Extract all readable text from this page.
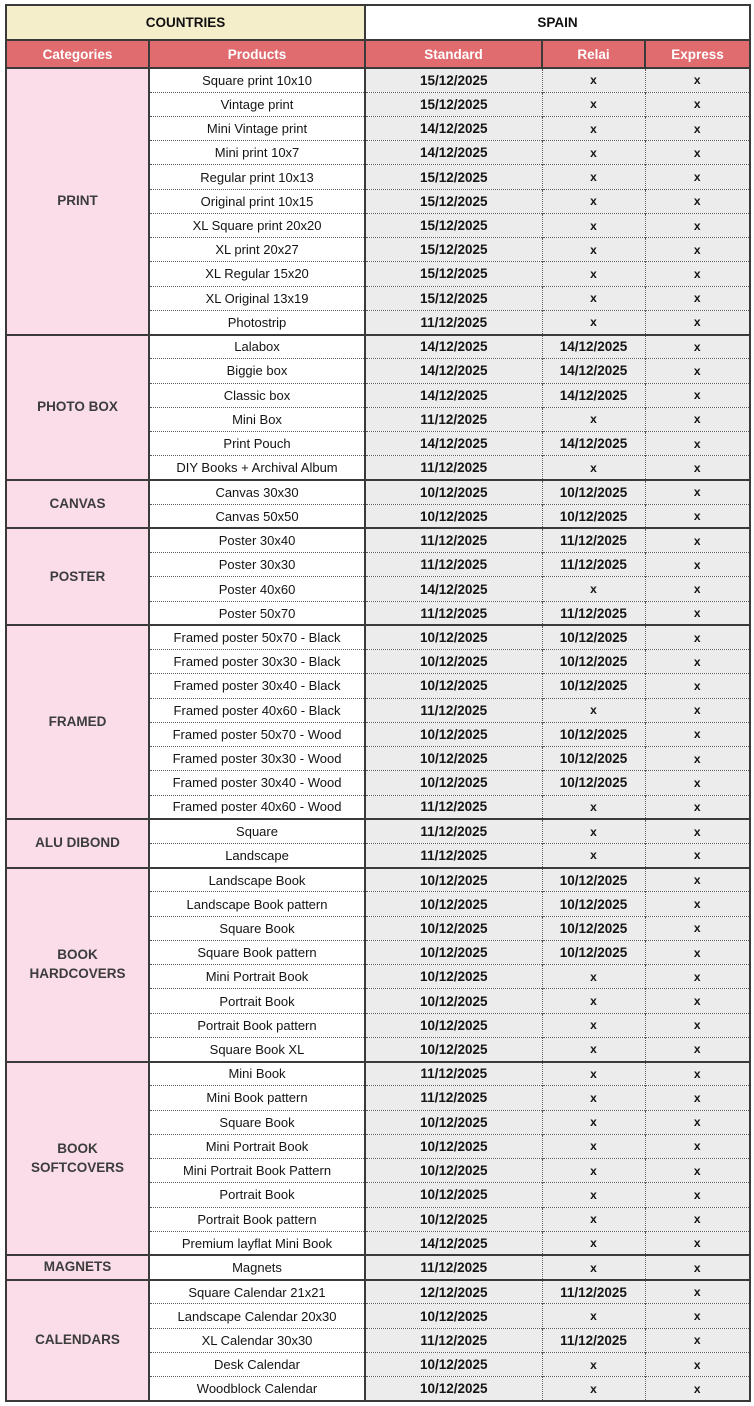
COUNTRIES		SPAIN		
Categories	Products	Standard	Relai	Express
PRINT	Square print 10x10	15/12/2025	x	x
	Vintage print	15/12/2025	x	x
	Mini Vintage print	14/12/2025	x	x
	Mini print 10x7	14/12/2025	x	x
	Regular print 10x13	15/12/2025	x	x
	Original print 10x15	15/12/2025	x	x
	XL Square print 20x20	15/12/2025	x	x
	XL print 20x27	15/12/2025	x	x
	XL Regular 15x20	15/12/2025	x	x
	XL Original 13x19	15/12/2025	x	x
	Photostrip	11/12/2025	x	x
PHOTO BOX	Lalabox	14/12/2025	14/12/2025	x
	Biggie box	14/12/2025	14/12/2025	x
	Classic box	14/12/2025	14/12/2025	x
	Mini Box	11/12/2025	x	x
	Print Pouch	14/12/2025	14/12/2025	x
	DIY Books + Archival Album	11/12/2025	x	x
CANVAS	Canvas 30x30	10/12/2025	10/12/2025	x
	Canvas 50x50	10/12/2025	10/12/2025	x
POSTER	Poster 30x40	11/12/2025	11/12/2025	x
	Poster 30x30	11/12/2025	11/12/2025	x
	Poster 40x60	14/12/2025	x	x
	Poster 50x70	11/12/2025	11/12/2025	x
FRAMED	Framed poster 50x70 - Black	10/12/2025	10/12/2025	x
	Framed poster 30x30 - Black	10/12/2025	10/12/2025	x
	Framed poster 30x40 - Black	10/12/2025	10/12/2025	x
	Framed poster 40x60 - Black	11/12/2025	x	x
	Framed poster 50x70 - Wood	10/12/2025	10/12/2025	x
	Framed poster 30x30 - Wood	10/12/2025	10/12/2025	x
	Framed poster 30x40 - Wood	10/12/2025	10/12/2025	x
	Framed poster 40x60 - Wood	11/12/2025	x	x
ALU DIBOND	Square	11/12/2025	x	x
	Landscape	11/12/2025	x	x
BOOK HARDCOVERS	Landscape Book	10/12/2025	10/12/2025	x
	Landscape Book pattern	10/12/2025	10/12/2025	x
	Square Book	10/12/2025	10/12/2025	x
	Square Book pattern	10/12/2025	10/12/2025	x
	Mini Portrait Book	10/12/2025	x	x
	Portrait Book	10/12/2025	x	x
	Portrait Book pattern	10/12/2025	x	x
	Square Book XL	10/12/2025	x	x
BOOK SOFTCOVERS	Mini Book	11/12/2025	x	x
	Mini Book pattern	11/12/2025	x	x
	Square Book	10/12/2025	x	x
	Mini Portrait Book	10/12/2025	x	x
	Mini Portrait Book Pattern	10/12/2025	x	x
	Portrait Book	10/12/2025	x	x
	Portrait Book pattern	10/12/2025	x	x
	Premium layflat Mini Book	14/12/2025	x	x
MAGNETS	Magnets	11/12/2025	x	x
CALENDARS	Square Calendar 21x21	12/12/2025	11/12/2025	x
	Landscape Calendar 20x30	10/12/2025	x	x
	XL Calendar 30x30	11/12/2025	11/12/2025	x
	Desk Calendar	10/12/2025	x	x
	Woodblock Calendar	10/12/2025	x	x
